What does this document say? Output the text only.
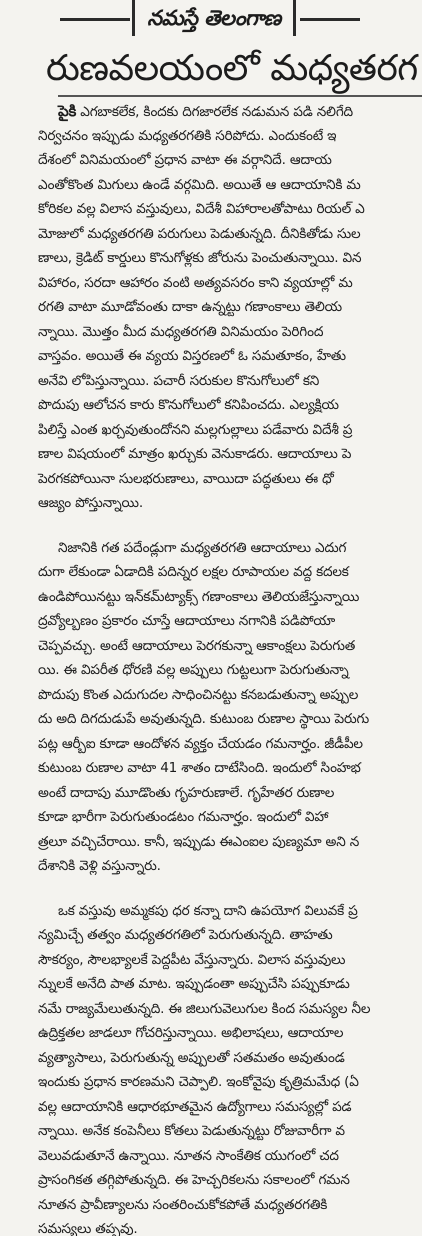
నమస్తే తెలంగాణ
రుణవలయంలో మధ్యతరగ
పైకి ఎగబాకలేక, కిందకు దిగజారలేక నడుమన పడి నలిగేది
నిర్వచనం ఇప్పుడు మధ్యతరగతికి సరిపోదు. ఎందుకంటే ఇ
దేశంలో వినిమయంలో ప్రధాన వాటా ఈ వర్గానిదే. ఆదాయ
ఎంతోకొంత మిగులు ఉండే వర్గమిది. అయితే ఆ ఆదాయానికి మ
కోరికల వల్ల విలాస వస్తువులు, విదేశీ విహారాలతోపాటు రియల్ ఎ
మోజులో మధ్యతరగతి పరుగులు పెడుతున్నది. దీనికితోడు సుల
ణాలు, క్రెడిట్ కార్డులు కొనుగోళ్లకు జోరును పెంచుతున్నాయి. విన
విహారం, సరదా ఆహారం వంటి అత్యవసరం కాని వ్యయాల్లో మ
రగతి వాటా మూడోవంతు దాకా ఉన్నట్టు గణాంకాలు తెలియ
న్నాయి. మొత్తం మీద మధ్యతరగతి వినిమయం పెరిగింద
వాస్తవం. అయితే ఈ వ్యయ విస్తరణలో ఓ సమతూకం, హేతు
అనేవి లోపిస్తున్నాయి. పచారీ సరుకుల కొనుగోలులో కని
పొదుపు ఆలోచన కారు కొనుగోలులో కనిపించదు. ఎల్యక్షియ
పిలిస్తే ఎంత ఖర్చవుతుందోనని మల్లగుల్లాలు పడేవారు విదేశీ ప్ర
ణాల విషయంలో మాత్రం ఖర్చుకు వెనుకాడరు. ఆదాయాలు పె
పెరగకపోయినా సులభరుణాలు, వాయిదా పద్ధతులు ఈ ధో
ఆజ్యం పోస్తున్నాయి.
నిజానికి గత పదేండ్లుగా మధ్యతరగతి ఆదాయాలు ఎదుగ
దుగా లేకుండా ఏడాదికి పదిన్నర లక్షల రూపాయల వద్ద కదలక
ఉండిపోయినట్టు ఇన్‌కమ్‌ట్యాక్స్ గణాంకాలు తెలియజేస్తున్నాయి
ద్రవ్యోల్బణం ప్రకారం చూస్తే ఆదాయాలు నగానికి పడిపోయా
చెప్పవచ్చు. అంటే ఆదాయాలు పెరగకున్నా ఆకాంక్షలు పెరుగుత
యి. ఈ విపరీత ధోరణి వల్ల అప్పులు గుట్టలుగా పెరుగుతున్నా
పొదుపు కొంత ఎదుగుదల సాధించినట్టు కనబడుతున్నా అప్పుల
దు అది దిగదుడుపే అవుతున్నది. కుటుంబ రుణాల స్థాయి పెరుగు
పట్ల ఆర్బీఐ కూడా ఆందోళన వ్యక్తం చేయడం గమనార్హం. జీడీపీల
కుటుంబ రుణాల వాటా 41 శాతం దాటేసింది. ఇందులో సింహభ
అంటే దాదాపు మూడొంతు గృహరుణాలే. గృహేతర రుణాల
కూడా భారీగా పెరుగుతుండటం గమనార్హం. ఇందులో విహా
త్రలూ వచ్చిచేరాయి. కానీ, ఇప్పుడు ఈఎంఐల పుణ్యమా అని న
దేశానికి వెళ్లి వస్తున్నారు.
ఒక వస్తువు అమ్మకపు ధర కన్నా దాని ఉపయోగ విలువకే ప్ర
న్యమిచ్చే తత్వం మధ్యతరగతిలో పెరుగుతున్నది. తాహతు
సౌకర్యం, సౌలభ్యాలకే పెద్దపీట వేస్తున్నారు. విలాస వస్తువులు
న్నులకే అనేది పాత మాట. ఇప్పుడంతా అప్పుచేసి పప్పుకూడు
నమే రాజ్యమేలుతున్నది. ఈ జిలుగువెలుగుల కింద సమస్యల నీల
ఉద్రిక్తతల జాడలూ గోచరిస్తున్నాయి. అభిలాషలు, ఆదాయాల
వ్యత్యాసాలు, పెరుగుతున్న అప్పులతో సతమతం అవుతుండ
ఇందుకు ప్రధాన కారణమని చెప్పాలి. ఇంకోవైపు కృత్రిమమేధ (ఏ
వల్ల ఆదాయానికి ఆధారభూతమైన ఉద్యోగాలు సమస్యల్లో పడ
న్నాయి. అనేక కంపెనీలు కోతలు పెడుతున్నట్టు రోజువారీగా వ
వెలువడుతూనే ఉన్నాయి. నూతన సాంకేతిక యుగంలో చద
ప్రాసంగికత తగ్గిపోతున్నది. ఈ హెచ్చరికలను సకాలంలో గమన
నూతన ప్రావీణ్యాలను సంతరించుకోకపోతే మధ్యతరగతికి
సమస్యలు తప్పవు.
